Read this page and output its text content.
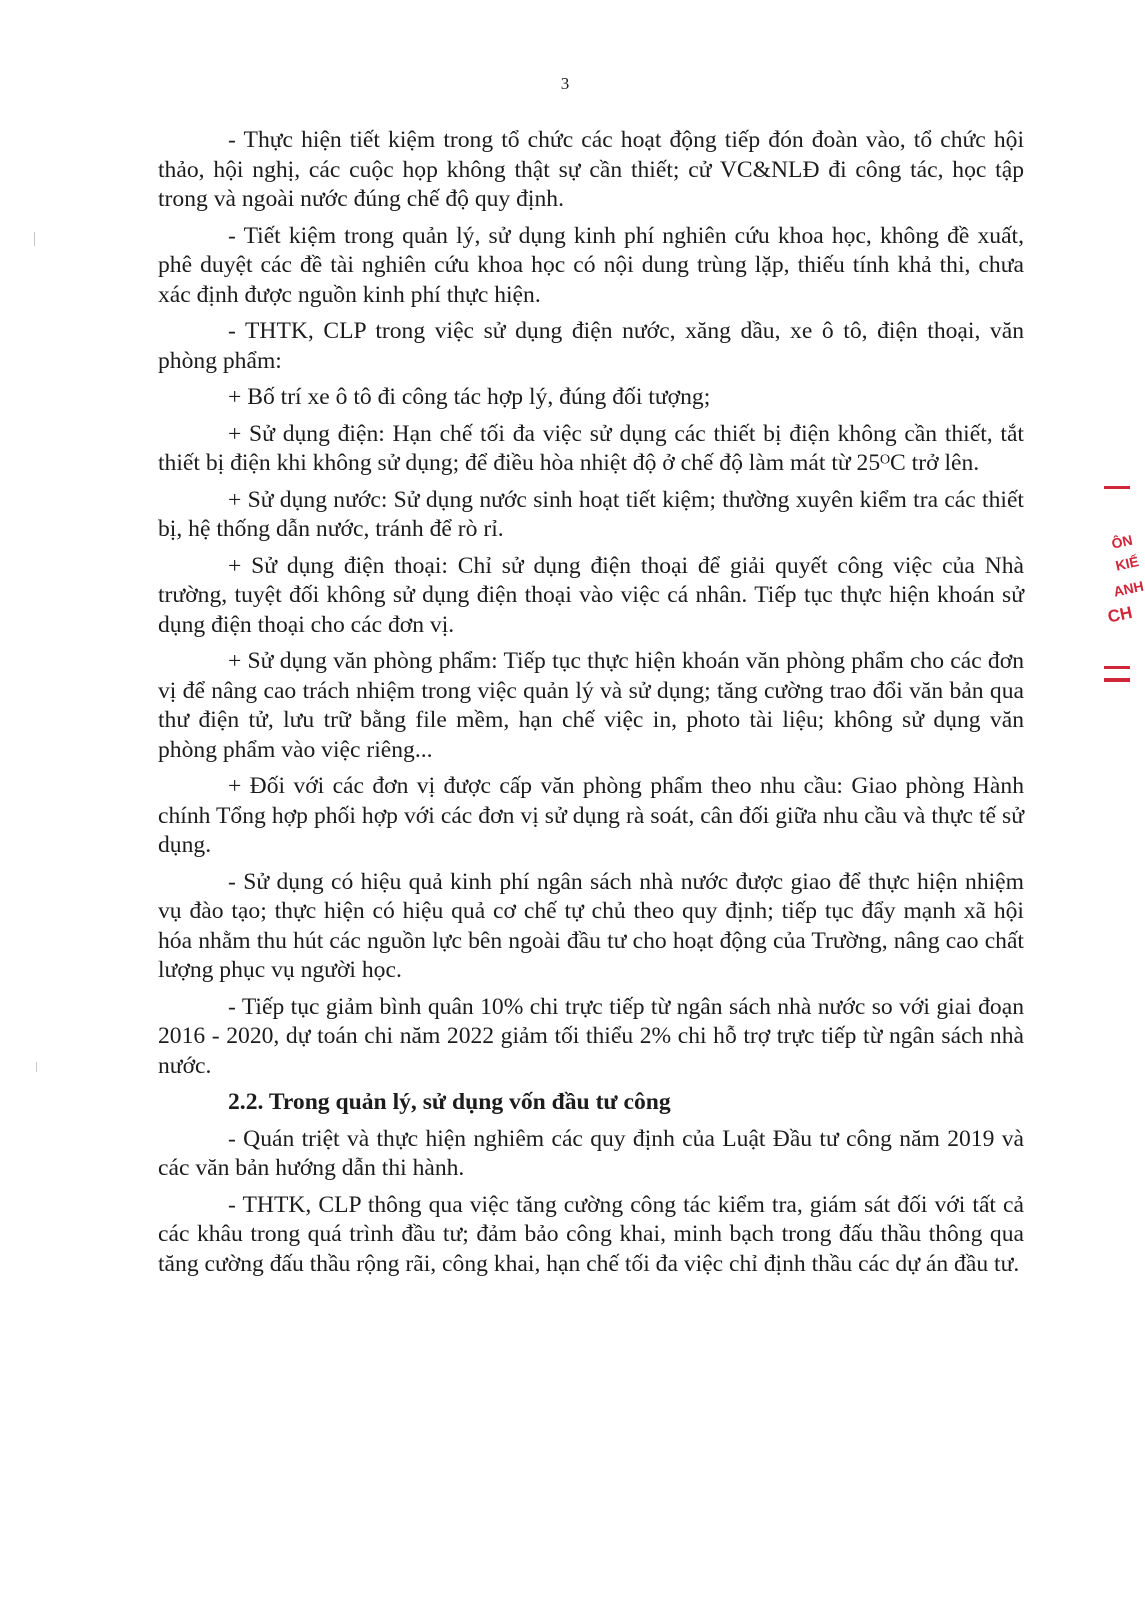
3

- Thực hiện tiết kiệm trong tổ chức các hoạt động tiếp đón đoàn vào, tổ chức hội thảo, hội nghị, các cuộc họp không thật sự cần thiết; cử VC&NLĐ đi công tác, học tập trong và ngoài nước đúng chế độ quy định.

- Tiết kiệm trong quản lý, sử dụng kinh phí nghiên cứu khoa học, không đề xuất, phê duyệt các đề tài nghiên cứu khoa học có nội dung trùng lặp, thiếu tính khả thi, chưa xác định được nguồn kinh phí thực hiện.

- THTK, CLP trong việc sử dụng điện nước, xăng dầu, xe ô tô, điện thoại, văn phòng phẩm:

+ Bố trí xe ô tô đi công tác hợp lý, đúng đối tượng;

+ Sử dụng điện: Hạn chế tối đa việc sử dụng các thiết bị điện không cần thiết, tắt thiết bị điện khi không sử dụng; để điều hòa nhiệt độ ở chế độ làm mát từ 25ᴼC trở lên.

+ Sử dụng nước: Sử dụng nước sinh hoạt tiết kiệm; thường xuyên kiểm tra các thiết bị, hệ thống dẫn nước, tránh để rò rỉ.

+ Sử dụng điện thoại: Chỉ sử dụng điện thoại để giải quyết công việc của Nhà trường, tuyệt đối không sử dụng điện thoại vào việc cá nhân. Tiếp tục thực hiện khoán sử dụng điện thoại cho các đơn vị.

+ Sử dụng văn phòng phẩm: Tiếp tục thực hiện khoán văn phòng phẩm cho các đơn vị để nâng cao trách nhiệm trong việc quản lý và sử dụng; tăng cường trao đổi văn bản qua thư điện tử, lưu trữ bằng file mềm, hạn chế việc in, photo tài liệu; không sử dụng văn phòng phẩm vào việc riêng...

+ Đối với các đơn vị được cấp văn phòng phẩm theo nhu cầu: Giao phòng Hành chính Tổng hợp phối hợp với các đơn vị sử dụng rà soát, cân đối giữa nhu cầu và thực tế sử dụng.

- Sử dụng có hiệu quả kinh phí ngân sách nhà nước được giao để thực hiện nhiệm vụ đào tạo; thực hiện có hiệu quả cơ chế tự chủ theo quy định; tiếp tục đẩy mạnh xã hội hóa nhằm thu hút các nguồn lực bên ngoài đầu tư cho hoạt động của Trường, nâng cao chất lượng phục vụ người học.

- Tiếp tục giảm bình quân 10% chi trực tiếp từ ngân sách nhà nước so với giai đoạn 2016 - 2020, dự toán chi năm 2022 giảm tối thiểu 2% chi hỗ trợ trực tiếp từ ngân sách nhà nước.

2.2. Trong quản lý, sử dụng vốn đầu tư công

- Quán triệt và thực hiện nghiêm các quy định của Luật Đầu tư công năm 2019 và các văn bản hướng dẫn thi hành.

- THTK, CLP thông qua việc tăng cường công tác kiểm tra, giám sát đối với tất cả các khâu trong quá trình đầu tư; đảm bảo công khai, minh bạch trong đấu thầu thông qua tăng cường đấu thầu rộng rãi, công khai, hạn chế tối đa việc chỉ định thầu các dự án đầu tư.

ÔN
KIẾ
ANH
CH
